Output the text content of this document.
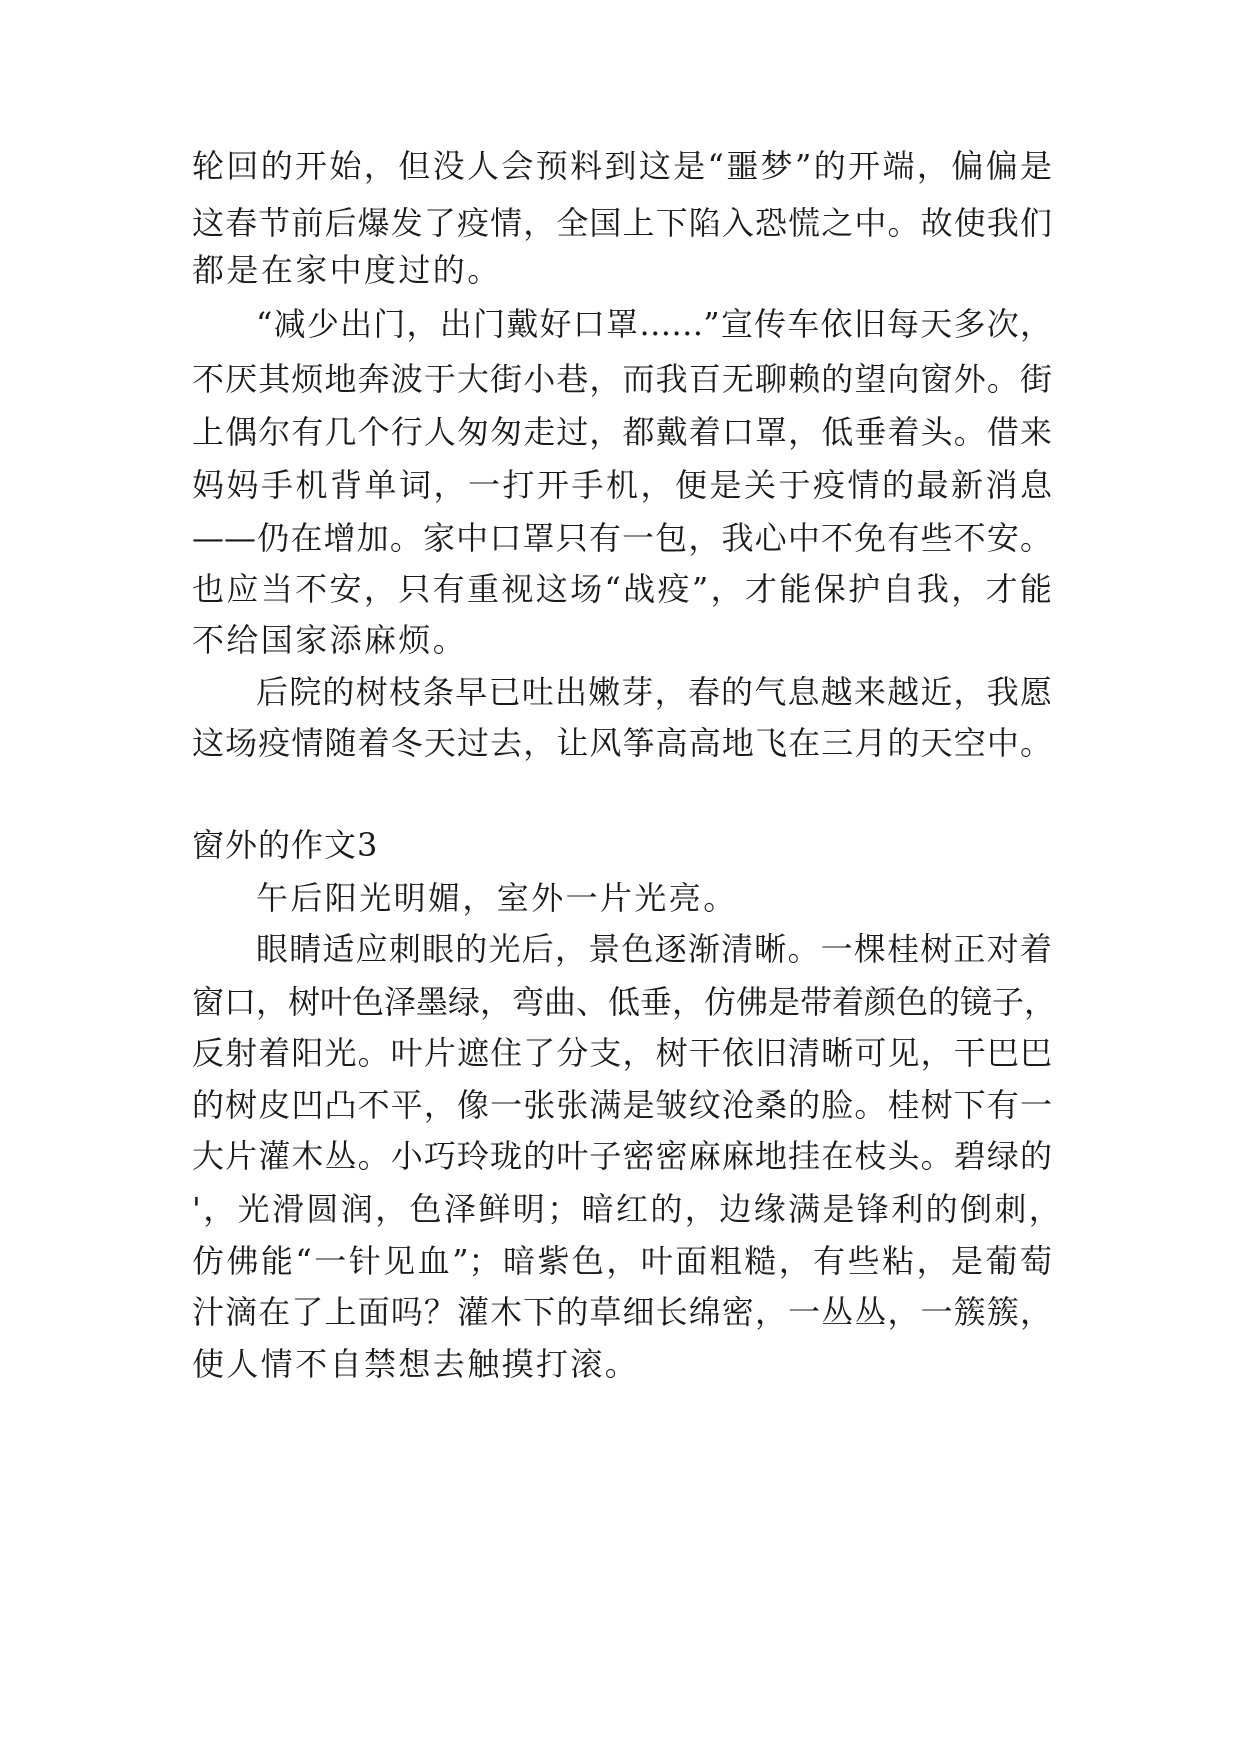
轮回的开始，但没人会预料到这是“噩梦”的开端，偏偏是
这春节前后爆发了疫情，全国上下陷入恐慌之中。故使我们
都是在家中度过的。
“减少出门，出门戴好口罩……”宣传车依旧每天多次，
不厌其烦地奔波于大街小巷，而我百无聊赖的望向窗外。街
上偶尔有几个行人匆匆走过，都戴着口罩，低垂着头。借来
妈妈手机背单词，一打开手机，便是关于疫情的最新消息
——仍在增加。家中口罩只有一包，我心中不免有些不安。
也应当不安，只有重视这场“战疫”，才能保护自我，才能
不给国家添麻烦。
后院的树枝条早已吐出嫩芽，春的气息越来越近，我愿
这场疫情随着冬天过去，让风筝高高地飞在三月的天空中。
窗外的作文3
午后阳光明媚，室外一片光亮。
眼睛适应刺眼的光后，景色逐渐清晰。一棵桂树正对着
窗口，树叶色泽墨绿，弯曲、低垂，仿佛是带着颜色的镜子，
反射着阳光。叶片遮住了分支，树干依旧清晰可见，干巴巴
的树皮凹凸不平，像一张张满是皱纹沧桑的脸。桂树下有一
大片灌木丛。小巧玲珑的叶子密密麻麻地挂在枝头。碧绿的
'，光滑圆润，色泽鲜明；暗红的，边缘满是锋利的倒刺，
仿佛能“一针见血”；暗紫色，叶面粗糙，有些粘，是葡萄
汁滴在了上面吗？灌木下的草细长绵密，一丛丛，一簇簇，
使人情不自禁想去触摸打滚。
